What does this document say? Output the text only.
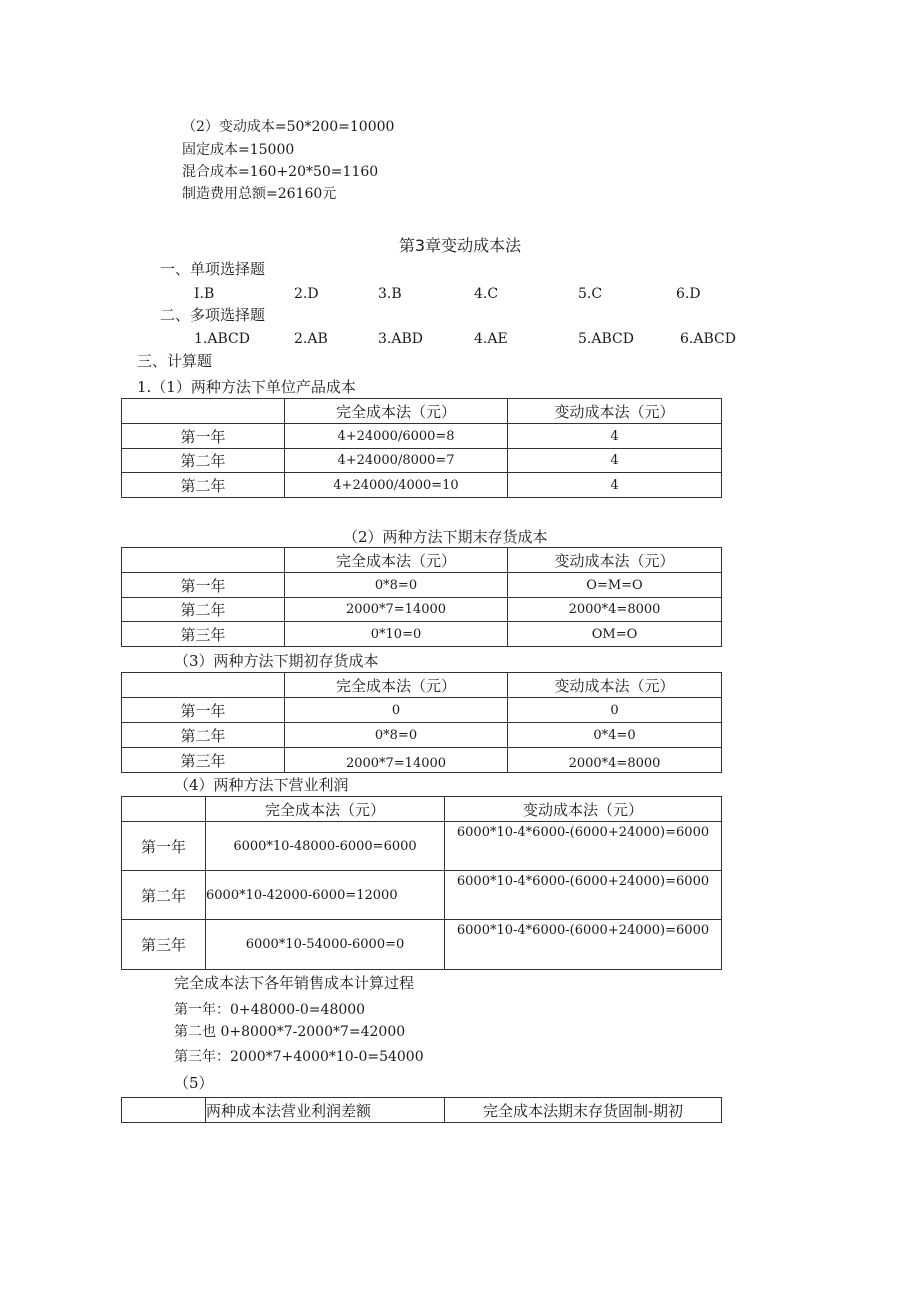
（2）变动成本=50*200=10000
固定成本=15000
混合成本=160+20*50=1160
制造费用总额=26160元
第3章变动成本法
一、单项选择题
I.B	2.D	3.B	4.C	5.C	6.D
二、多项选择题
1.ABCD	2.AB	3.ABD	4.AE	5.ABCD	6.ABCD
三、计算题
1.（1）两种方法下单位产品成本
	完全成本法（元）	变动成本法（元）
第一年	4+24000/6000=8	4
第二年	4+24000/8000=7	4
第二年	4+24000/4000=10	4
（2）两种方法下期末存货成本
	完全成本法（元）	变动成本法（元）
第一年	0*8=0	O=M=O
第二年	2000*7=14000	2000*4=8000
第三年	0*10=0	OM=O
（3）两种方法下期初存货成本
	完全成本法（元）	变动成本法（元）
第一年	0	0
第二年	0*8=0	0*4=0
第三年	2000*7=14000	2000*4=8000
（4）两种方法下营业利润
	完全成本法（元）	变动成本法（元）
第一年	6000*10-48000-6000=6000	6000*10-4*6000-(6000+24000)=6000
第二年	6000*10-42000-6000=12000	6000*10-4*6000-(6000+24000)=6000
第三年	6000*10-54000-6000=0	6000*10-4*6000-(6000+24000)=6000
完全成本法下各年销售成本计算过程
第一年：0+48000-0=48000
第二也 0+8000*7-2000*7=42000
第三年：2000*7+4000*10-0=54000
（5）
	两种成本法营业利润差额	完全成本法期末存货固制-期初
